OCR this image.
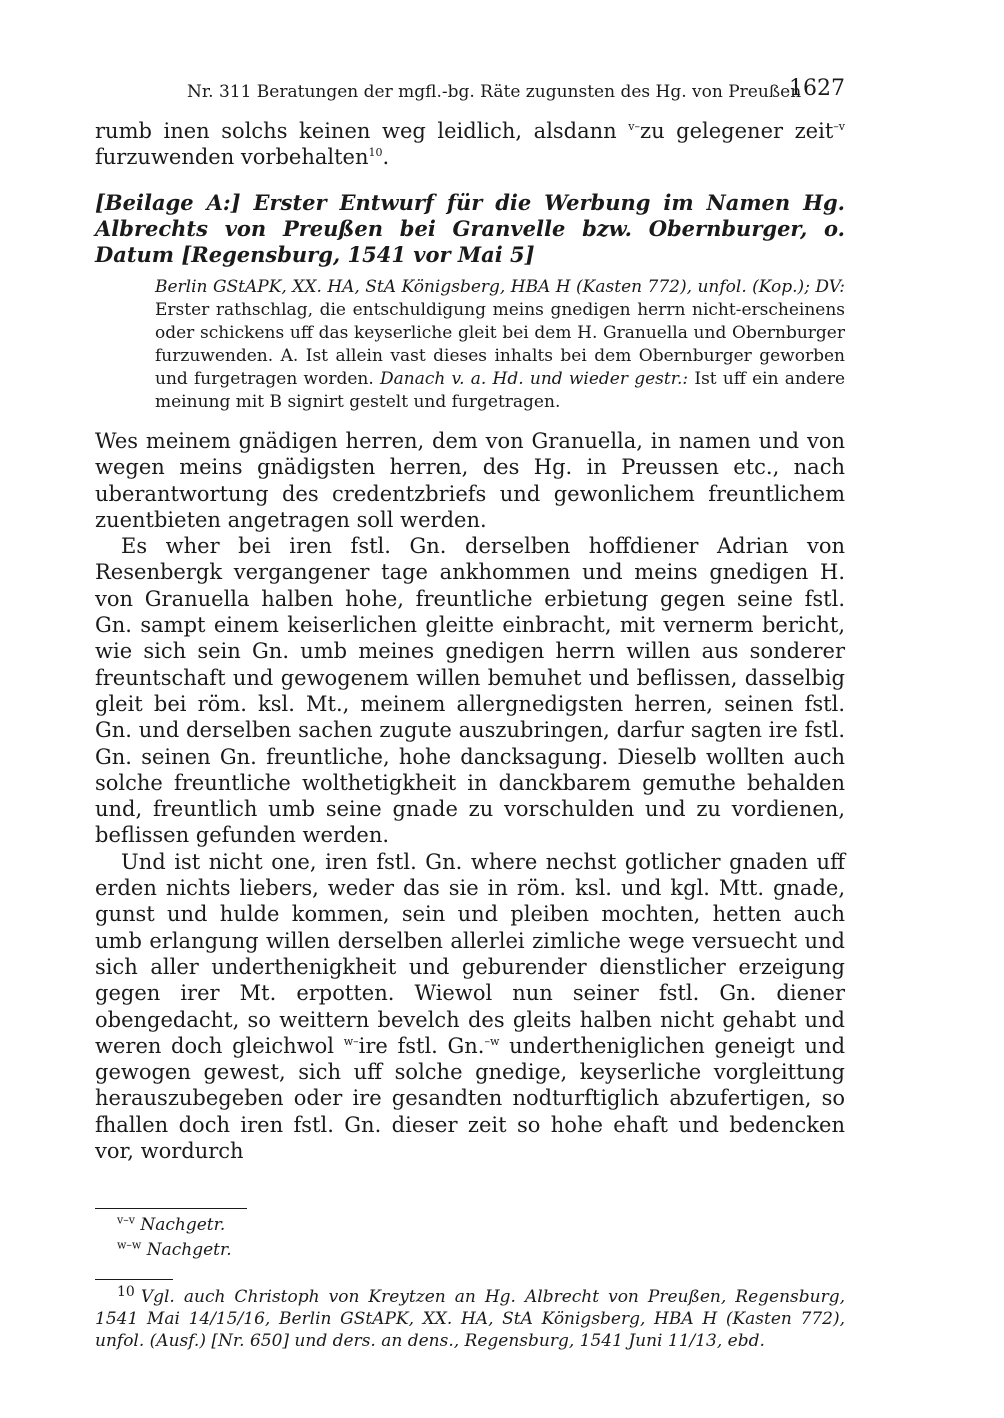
Nr. 311 Beratungen der mgfl.-bg. Räte zugunsten des Hg. von Preußen
1627
rumb inen solchs keinen weg leidlich, alsdann $^{v-}$zu gelegener zeit$^{-v}$ furzuwenden vorbehalten$^{10}$.
[Beilage A:] Erster Entwurf für die Werbung im Namen Hg. Albrechts von Preußen bei Granvelle bzw. Obernburger, o. Datum [Regensburg, 1541 vor Mai 5]
Berlin GStAPK, XX. HA, StA Königsberg, HBA H (Kasten 772), unfol. (Kop.); DV: Erster rathschlag, die entschuldigung meins gnedigen herrn nicht-erscheinens oder schickens uff das keyserliche gleit bei dem H. Granuella und Obernburger furzuwenden. A. Ist allein vast dieses inhalts bei dem Obernburger geworben und furgetragen worden. Danach v. a. Hd. und wieder gestr.: Ist uff ein andere meinung mit B signirt gestelt und furgetragen.

Wes meinem gnädigen herren, dem von Granuella, in namen und von wegen meins gnädigsten herren, des Hg. in Preussen etc., nach uberantwortung des credentzbriefs und gewonlichem freuntlichem zuentbieten angetragen soll werden.

Es wher bei iren fstl. Gn. derselben hoffdiener Adrian von Resenbergk vergangener tage ankhommen und meins gnedigen H. von Granuella halben hohe, freuntliche erbietung gegen seine fstl. Gn. sampt einem keiserlichen gleitte einbracht, mit vernerm bericht, wie sich sein Gn. umb meines gnedigen herrn willen aus sonderer freuntschaft und gewogenem willen bemuhet und beflissen, dasselbig gleit bei röm. ksl. Mt., meinem allergnedigsten herren, seinen fstl. Gn. und derselben sachen zugute auszubringen, darfur sagten ire fstl. Gn. seinen Gn. freuntliche, hohe dancksagung. Dieselb wollten auch solche freuntliche wolthetigkheit in danckbarem gemuthe behalden und, freuntlich umb seine gnade zu vorschulden und zu vordienen, beflissen gefunden werden.

Und ist nicht one, iren fstl. Gn. where nechst gotlicher gnaden uff erden nichts liebers, weder das sie in röm. ksl. und kgl. Mtt. gnade, gunst und hulde kommen, sein und pleiben mochten, hetten auch umb erlangung willen derselben allerlei zimliche wege versuecht und sich aller underthenigkheit und geburender dienstlicher erzeigung gegen irer Mt. erpotten. Wiewol nun seiner fstl. Gn. diener obengedacht, so weittern bevelch des gleits halben nicht gehabt und weren doch gleichwol $^{w-}$ire fstl. Gn.$^{-w}$ undertheniglichen geneigt und gewogen gewest, sich uff solche gnedige, keyserliche vorgleittung herauszubegeben oder ire gesandten nodturftiglich abzufertigen, so fhallen doch iren fstl. Gn. dieser zeit so hohe ehaft und bedencken vor, wordurch

$^{v-v}$ Nachgetr.
$^{w-w}$ Nachgetr.
$^{10}$ Vgl. auch Christoph von Kreytzen an Hg. Albrecht von Preußen, Regensburg, 1541 Mai 14/15/16, Berlin GStAPK, XX. HA, StA Königsberg, HBA H (Kasten 772), unfol. (Ausf.) [Nr. 650] und ders. an dens., Regensburg, 1541 Juni 11/13, ebd.
